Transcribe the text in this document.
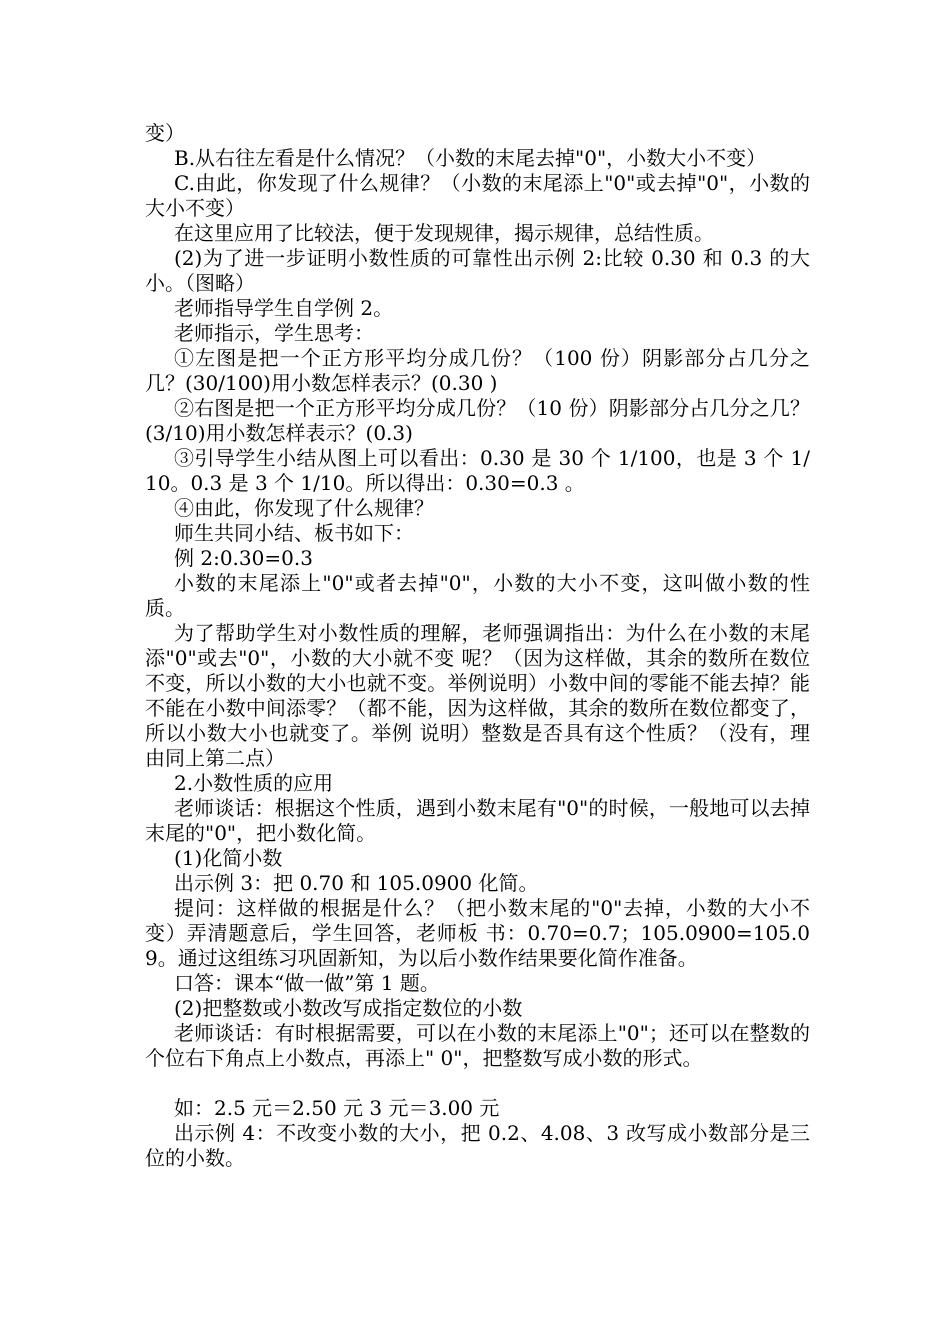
变）

B.从右往左看是什么情况？（小数的末尾去掉"0"，小数大小不变）

C.由此，你发现了什么规律？（小数的末尾添上"0"或去掉"0"，小数的大小不变）

在这里应用了比较法，便于发现规律，揭示规律，总结性质。

(2)为了进一步证明小数性质的可靠性出示例 2:比较 0.30 和 0.3 的大小。（图略）

老师指导学生自学例 2。

老师指示，学生思考：

①左图是把一个正方形平均分成几份？（100 份）阴影部分占几分之几？(30/100)用小数怎样表示？(0.30 )

②右图是把一个正方形平均分成几份？（10 份）阴影部分占几分之几？(3/10)用小数怎样表示？(0.3)

③引导学生小结从图上可以看出：0.30 是 30 个 1/100，也是 3 个 1/10。0.3 是 3 个 1/10。所以得出：0.30=0.3 。

④由此，你发现了什么规律？

师生共同小结、板书如下：

例 2:0.30=0.3

小数的末尾添上"0"或者去掉"0"，小数的大小不变，这叫做小数的性质。

为了帮助学生对小数性质的理解，老师强调指出：为什么在小数的末尾添"0"或去"0"，小数的大小就不变 呢？（因为这样做，其余的数所在数位不变，所以小数的大小也就不变。举例说明）小数中间的零能不能去掉？能不能在小数中间添零？（都不能，因为这样做，其余的数所在数位都变了，所以小数大小也就变了。举例 说明）整数是否具有这个性质？（没有，理由同上第二点）

2.小数性质的应用

老师谈话：根据这个性质，遇到小数末尾有"0"的时候，一般地可以去掉末尾的"0"，把小数化简。

(1)化简小数

出示例 3：把 0.70 和 105.0900 化简。

提问：这样做的根据是什么？（把小数末尾的"0"去掉，小数的大小不变）弄清题意后，学生回答，老师板 书：0.70=0.7；105.0900=105.09。通过这组练习巩固新知，为以后小数作结果要化简作准备。

口答：课本“做一做”第 1 题。

(2)把整数或小数改写成指定数位的小数

老师谈话：有时根据需要，可以在小数的末尾添上"0"；还可以在整数的个位右下角点上小数点，再添上" 0"，把整数写成小数的形式。

如：2.5 元＝2.50 元 3 元＝3.00 元

出示例 4：不改变小数的大小，把 0.2、4.08、3 改写成小数部分是三位的小数。
